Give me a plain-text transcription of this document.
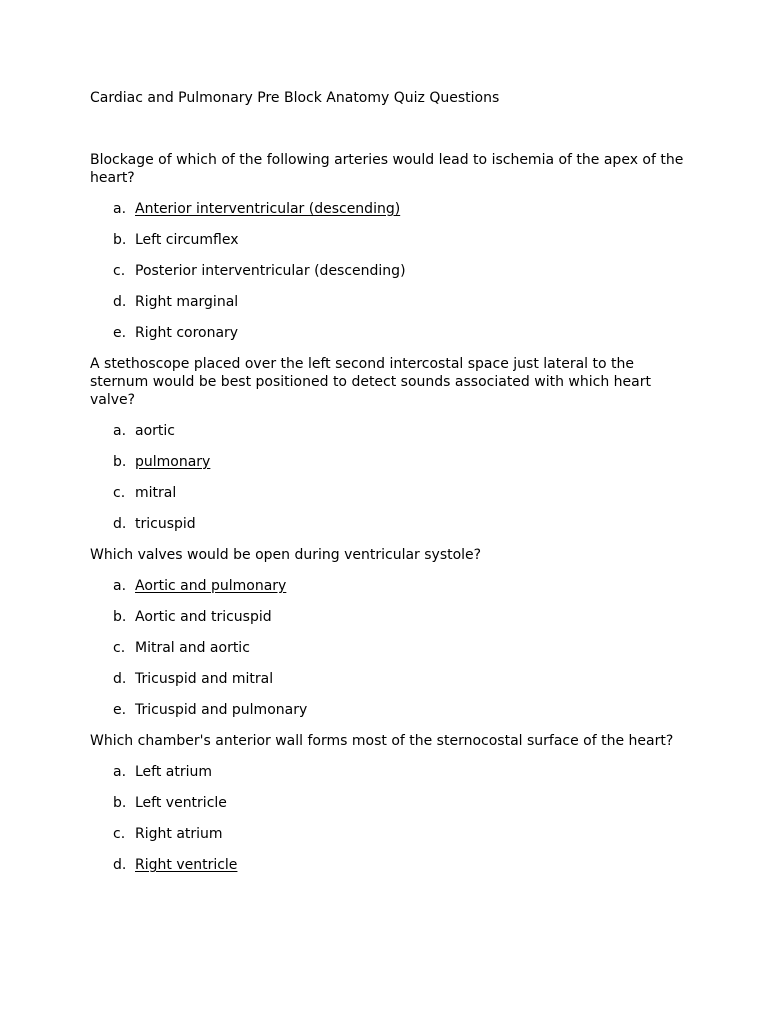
Cardiac and Pulmonary Pre Block Anatomy Quiz Questions
Blockage of which of the following arteries would lead to ischemia of the apex of the heart?
a. Anterior interventricular (descending)
b. Left circumflex
c. Posterior interventricular (descending)
d. Right marginal
e. Right coronary
A stethoscope placed over the left second intercostal space just lateral to the sternum would be best positioned to detect sounds associated with which heart valve?
a. aortic
b. pulmonary
c. mitral
d. tricuspid
Which valves would be open during ventricular systole?
a. Aortic and pulmonary
b. Aortic and tricuspid
c. Mitral and aortic
d. Tricuspid and mitral
e. Tricuspid and pulmonary
Which chamber's anterior wall forms most of the sternocostal surface of the heart?
a. Left atrium
b. Left ventricle
c. Right atrium
d. Right ventricle
